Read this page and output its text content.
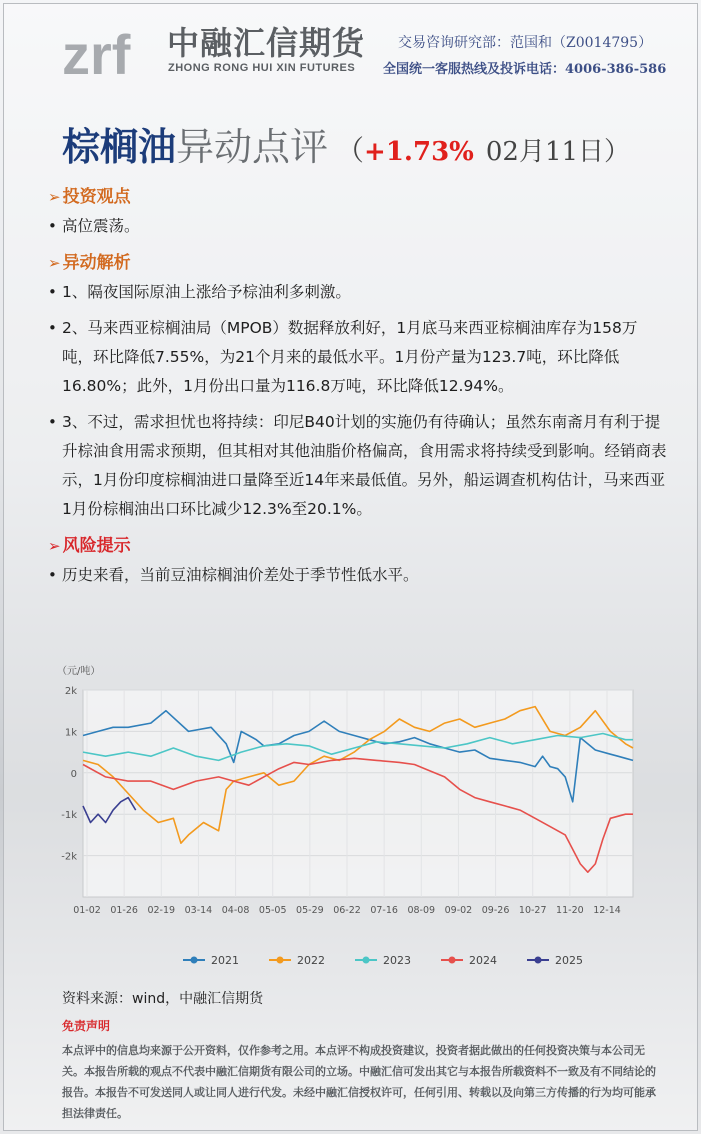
zrf 中融汇信期货
ZHONG RONG HUI XIN FUTURES
交易咨询研究部：范国和（Z0014795）
全国统一客服热线及投诉电话：4006-386-586
棕榈油 异动点评 （ +1.73% 02月11日）
➢ 投资观点
• 高位震荡。
➢ 异动解析
• 1、隔夜国际原油上涨给予棕油利多刺激。
• 2、马来西亚棕榈油局（MPOB）数据释放利好，1月底马来西亚棕榈油库存为158万吨，环比降低7.55%，为21个月来的最低水平。1月份产量为123.7吨，环比降低16.80%；此外，1月份出口量为116.8万吨，环比降低12.94%。
• 3、不过，需求担忧也将持续：印尼B40计划的实施仍有待确认；虽然东南斋月有利于提升棕油食用需求预期，但其相对其他油脂价格偏高，食用需求将持续受到影响。经销商表示，1月份印度棕榈油进口量降至近14年来最低值。另外，船运调查机构估计，马来西亚1月份棕榈油出口环比减少12.3%至20.1%。
➢ 风险提示
• 历史来看，当前豆油棕榈油价差处于季节性低水平。
（元/吨）
2k
1k
0
-1k
-2k
01-02 01-26 02-19 03-14 04-08 05-05 05-29 06-22 07-16 08-09 09-02 09-26 10-27 11-20 12-14
2021	2022	2023	2024	2025
资料来源：wind，中融汇信期货
免责声明
本点评中的信息均来源于公开资料，仅作参考之用。本点评不构成投资建议，投资者据此做出的任何投资决策与本公司无关。本报告所载的观点不代表中融汇信期货有限公司的立场。中融汇信可发出其它与本报告所载资料不一致及有不同结论的报告。本报告不可发送同人或让同人进行代发。未经中融汇信授权许可，任何引用、转载以及向第三方传播的行为均可能承担法律责任。
